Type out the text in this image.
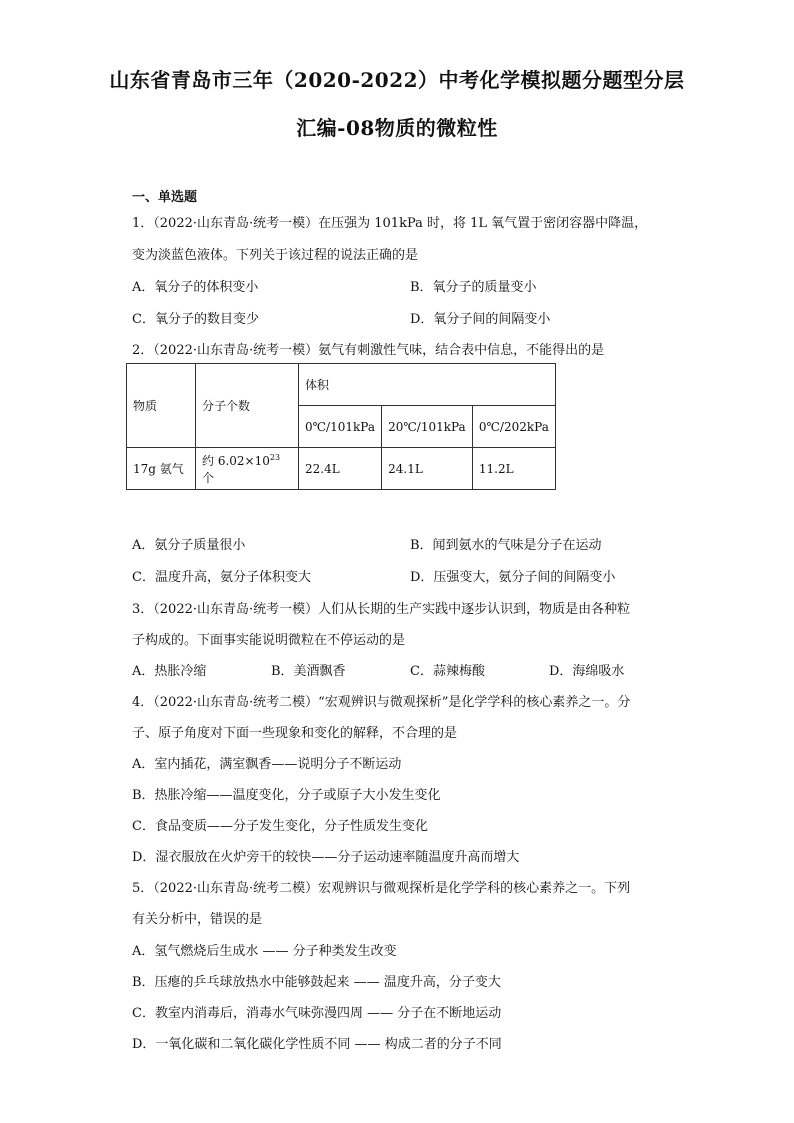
山东省青岛市三年（2020-2022）中考化学模拟题分题型分层
汇编-08物质的微粒性
一、单选题
1．（2022·山东青岛·统考一模）在压强为 101kPa 时，将 1L 氧气置于密闭容器中降温，
变为淡蓝色液体。下列关于该过程的说法正确的是
A．氧分子的体积变小	B．氧分子的质量变小
C．氧分子的数目变少	D．氧分子间的间隔变小
2．（2022·山东青岛·统考一模）氨气有刺激性气味，结合表中信息，不能得出的是
物质	分子个数	体积		
		0℃/101kPa	20℃/101kPa	0℃/202kPa
17g 氨气	约 $6.02\times 10^{23}$个	22.4L	24.1L	11.2L
A．氨分子质量很小	B．闻到氨水的气味是分子在运动
C．温度升高，氨分子体积变大	D．压强变大，氨分子间的间隔变小
3．（2022·山东青岛·统考一模）人们从长期的生产实践中逐步认识到，物质是由各种粒
子构成的。下面事实能说明微粒在不停运动的是
A．热胀冷缩	B．美酒飘香	C．蒜辣梅酸	D．海绵吸水
4．（2022·山东青岛·统考二模）“宏观辨识与微观探析”是化学学科的核心素养之一。分
子、原子角度对下面一些现象和变化的解释，不合理的是
A．室内插花，满室飘香——说明分子不断运动
B．热胀冷缩——温度变化，分子或原子大小发生变化
C．食品变质——分子发生变化，分子性质发生变化
D．湿衣服放在火炉旁干的较快——分子运动速率随温度升高而增大
5．（2022·山东青岛·统考二模）宏观辨识与微观探析是化学学科的核心素养之一。下列
有关分析中，错误的是
A．氢气燃烧后生成水 —— 分子种类发生改变
B．压瘪的乒乓球放热水中能够鼓起来 —— 温度升高，分子变大
C．教室内消毒后，消毒水气味弥漫四周 —— 分子在不断地运动
D．一氧化碳和二氧化碳化学性质不同 —— 构成二者的分子不同
